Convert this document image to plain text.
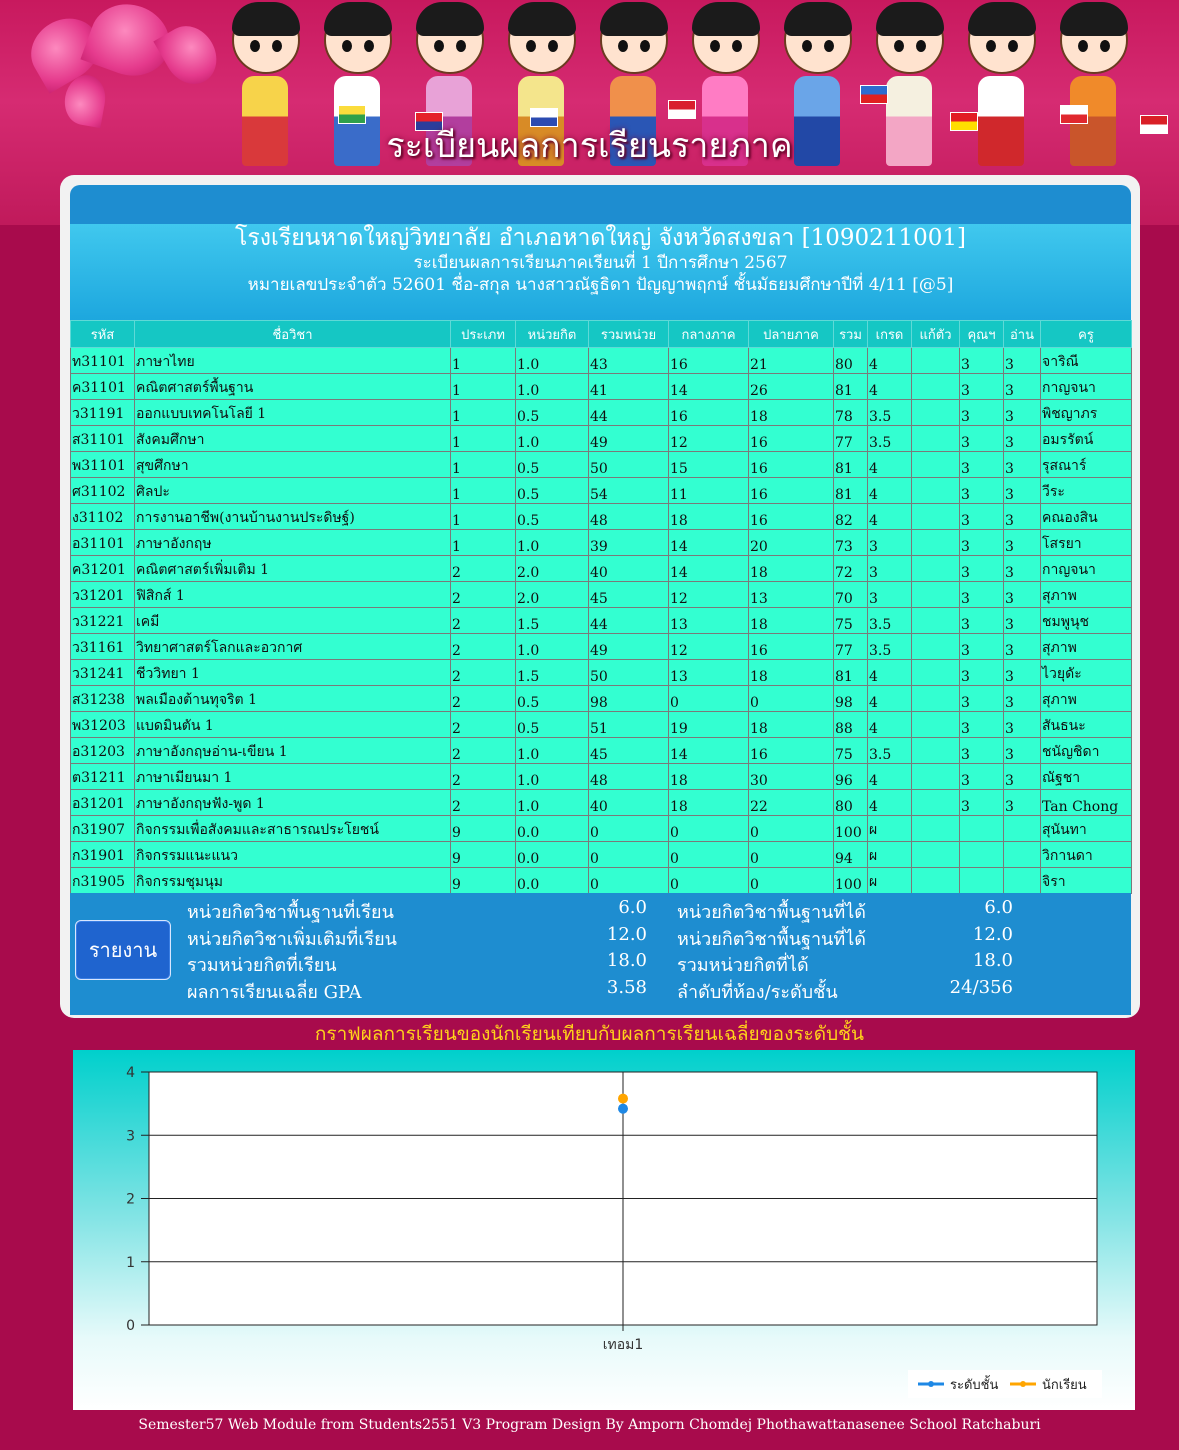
ระเบียนผลการเรียนรายภาค
โรงเรียนหาดใหญ่วิทยาลัย อำเภอหาดใหญ่ จังหวัดสงขลา [1090211001]
ระเบียนผลการเรียนภาคเรียนที่ 1 ปีการศึกษา 2567
หมายเลขประจำตัว 52601 ชื่อ-สกุล นางสาวณัฐธิดา ปัญญาพฤกษ์ ชั้นมัธยมศึกษาปีที่ 4/11 [@5]
รหัส	ชื่อวิชา	ประเภท	หน่วยกิต	รวมหน่วย	กลางภาค	ปลายภาค	รวม	เกรด	แก้ตัว	คุณฯ	อ่าน	ครู
ท31101	ภาษาไทย	1	1.0	43	16	21	80	4		3	3	จาริณี
ค31101	คณิตศาสตร์พื้นฐาน	1	1.0	41	14	26	81	4		3	3	กาญจนา
ว31191	ออกแบบเทคโนโลยี 1	1	0.5	44	16	18	78	3.5		3	3	พิชญาภร
ส31101	สังคมศึกษา	1	1.0	49	12	16	77	3.5		3	3	อมรรัตน์
พ31101	สุขศึกษา	1	0.5	50	15	16	81	4		3	3	รุสณาร์
ศ31102	ศิลปะ	1	0.5	54	11	16	81	4		3	3	วีระ
ง31102	การงานอาชีพ(งานบ้านงานประดิษฐ์)	1	0.5	48	18	16	82	4		3	3	คณองสิน
อ31101	ภาษาอังกฤษ	1	1.0	39	14	20	73	3		3	3	โสรยา
ค31201	คณิตศาสตร์เพิ่มเติม 1	2	2.0	40	14	18	72	3		3	3	กาญจนา
ว31201	ฟิสิกส์ 1	2	2.0	45	12	13	70	3		3	3	สุภาพ
ว31221	เคมี	2	1.5	44	13	18	75	3.5		3	3	ชมพูนุช
ว31161	วิทยาศาสตร์โลกและอวกาศ	2	1.0	49	12	16	77	3.5		3	3	สุภาพ
ว31241	ชีววิทยา 1	2	1.5	50	13	18	81	4		3	3	ไวยุดัะ
ส31238	พลเมืองต้านทุจริต 1	2	0.5	98	0	0	98	4		3	3	สุภาพ
พ31203	แบดมินตัน 1	2	0.5	51	19	18	88	4		3	3	สันธนะ
อ31203	ภาษาอังกฤษอ่าน-เขียน 1	2	1.0	45	14	16	75	3.5		3	3	ชนัญชิดา
ต31211	ภาษาเมียนมา 1	2	1.0	48	18	30	96	4		3	3	ณัฐชา
อ31201	ภาษาอังกฤษฟัง-พูด 1	2	1.0	40	18	22	80	4		3	3	Tan Chong
ก31907	กิจกรรมเพื่อสังคมและสาธารณประโยชน์	9	0.0	0	0	0	100	ผ				สุนันทา
ก31901	กิจกรรมแนะแนว	9	0.0	0	0	0	94	ผ				วิกานดา
ก31905	กิจกรรมชุมนุม	9	0.0	0	0	0	100	ผ				จิรา
รายงาน
หน่วยกิตวิชาพื้นฐานที่เรียน	6.0 หน่วยกิตวิชาพื้นฐานที่ได้	6.0
หน่วยกิตวิชาเพิ่มเติมที่เรียน	12.0 หน่วยกิตวิชาพื้นฐานที่ได้	12.0
รวมหน่วยกิตที่เรียน	18.0 รวมหน่วยกิตที่ได้	18.0
ผลการเรียนเฉลี่ย GPA	3.58 ลำดับที่ห้อง/ระดับชั้น	24/356
กราฟผลการเรียนของนักเรียนเทียบกับผลการเรียนเฉลี่ยของระดับชั้น
0
1
2
3
4
เทอม1
ระดับชั้น	นักเรียน
Semester57 Web Module from Students2551 V3 Program Design By Amporn Chomdej Phothawattanasenee School Ratchaburi
